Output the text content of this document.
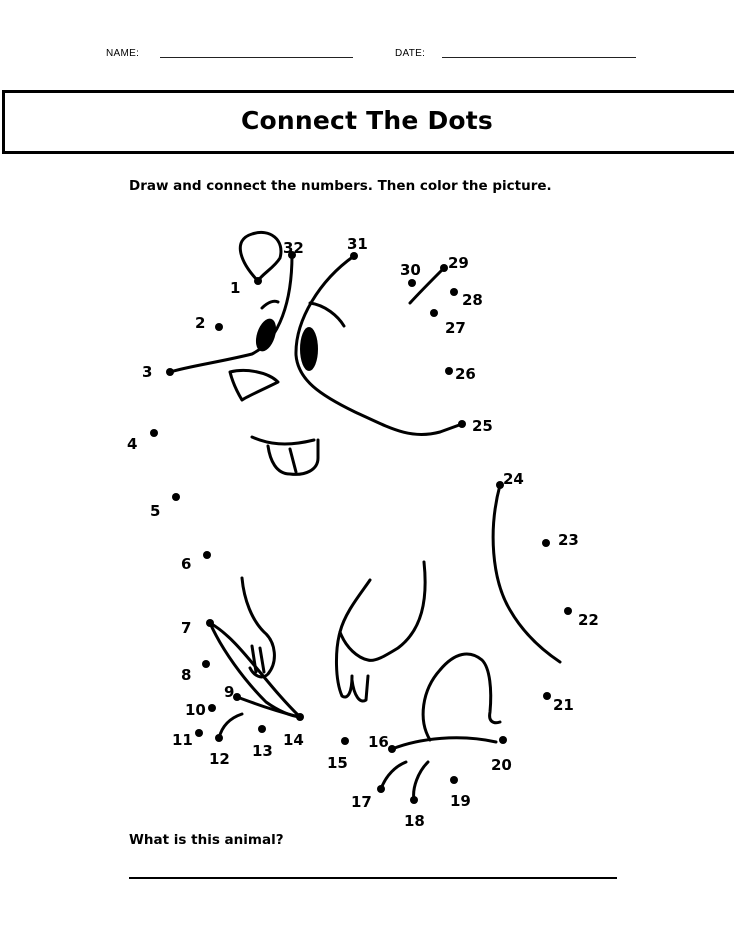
NAME:	DATE:
Connect The Dots
Draw and connect the numbers. Then color the picture.
1
2
3
4
5
6
7
8
9
10
11
12 13
14
15
16
17
18
19
20
21
22
23
24
25
26
27
28
29
30
31
32
What is this animal?
